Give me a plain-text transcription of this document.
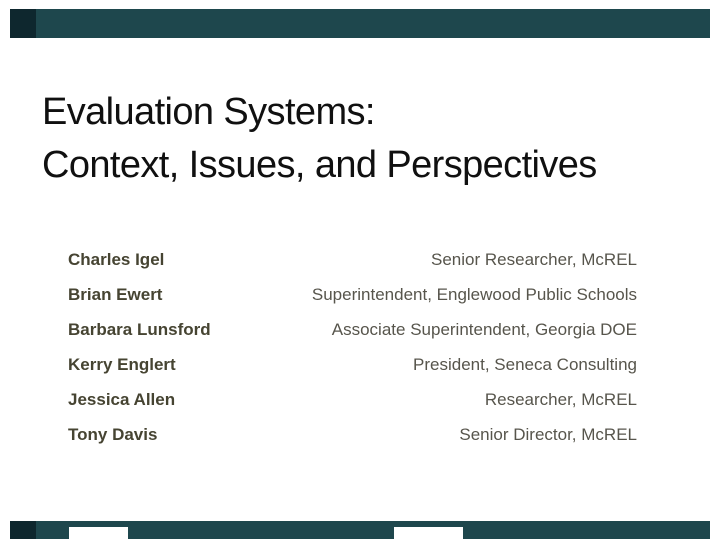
Evaluation Systems:
Context, Issues, and Perspectives
Charles Igel	Senior Researcher, McREL
Brian Ewert	Superintendent, Englewood Public Schools
Barbara Lunsford	Associate Superintendent, Georgia DOE
Kerry Englert	President, Seneca Consulting
Jessica Allen	Researcher, McREL
Tony Davis	Senior Director, McREL
